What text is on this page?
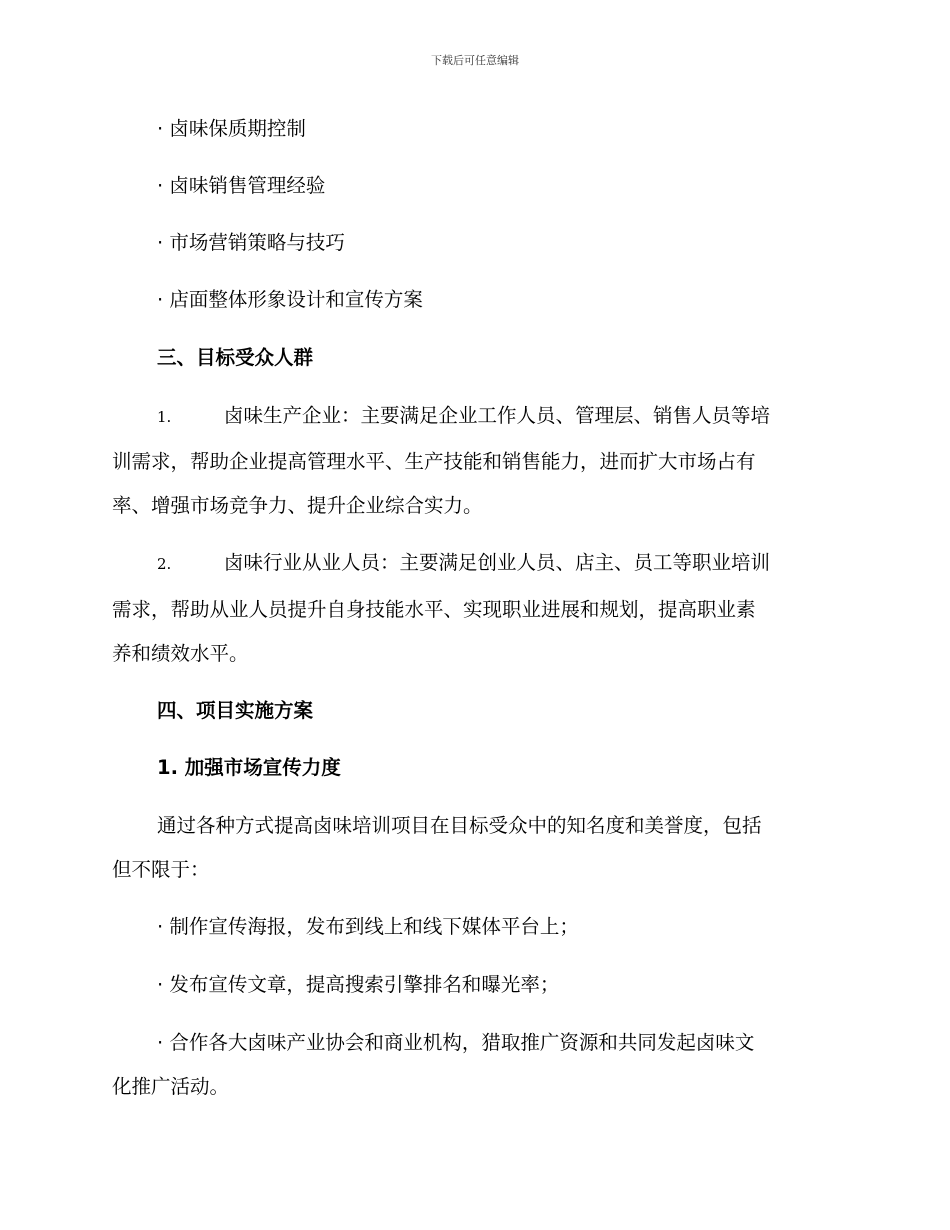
下载后可任意编辑
· 卤味保质期控制
· 卤味销售管理经验
· 市场营销策略与技巧
· 店面整体形象设计和宣传方案
三、目标受众人群
1.	卤味生产企业：主要满足企业工作人员、管理层、销售人员等培
训需求，帮助企业提高管理水平、生产技能和销售能力，进而扩大市场占有
率、增强市场竞争力、提升企业综合实力。
2.	卤味行业从业人员：主要满足创业人员、店主、员工等职业培训
需求，帮助从业人员提升自身技能水平、实现职业进展和规划，提高职业素
养和绩效水平。
四、项目实施方案
1. 加强市场宣传力度
通过各种方式提高卤味培训项目在目标受众中的知名度和美誉度，包括
但不限于：
· 制作宣传海报，发布到线上和线下媒体平台上；
· 发布宣传文章，提高搜索引擎排名和曝光率；
· 合作各大卤味产业协会和商业机构，猎取推广资源和共同发起卤味文
化推广活动。
